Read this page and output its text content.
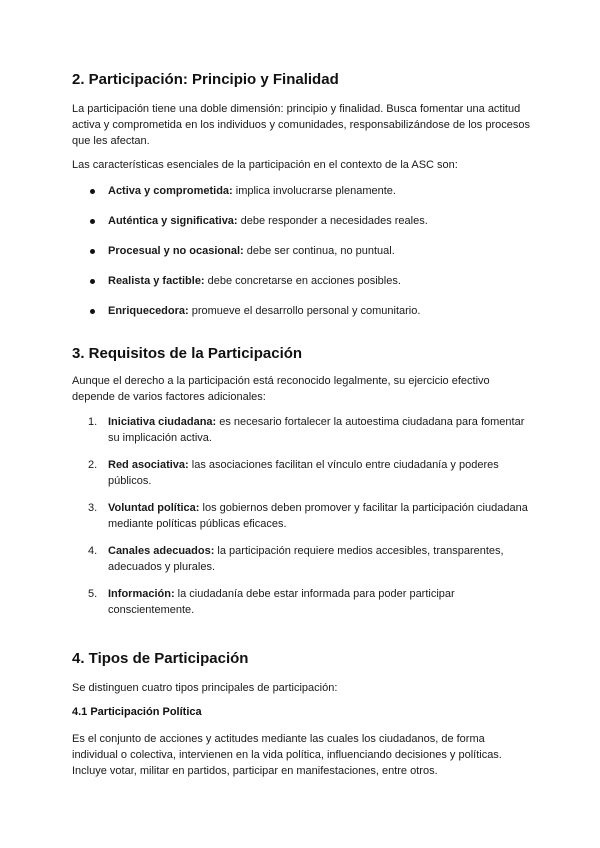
2. Participación: Principio y Finalidad

La participación tiene una doble dimensión: principio y finalidad. Busca fomentar una actitud activa y comprometida en los individuos y comunidades, responsabilizándose de los procesos que les afectan.

Las características esenciales de la participación en el contexto de la ASC son:

Activa y comprometida: implica involucrarse plenamente.
Auténtica y significativa: debe responder a necesidades reales.
Procesual y no ocasional: debe ser continua, no puntual.
Realista y factible: debe concretarse en acciones posibles.
Enriquecedora: promueve el desarrollo personal y comunitario.
3. Requisitos de la Participación

Aunque el derecho a la participación está reconocido legalmente, su ejercicio efectivo depende de varios factores adicionales:

1. Iniciativa ciudadana: es necesario fortalecer la autoestima ciudadana para fomentar su implicación activa.
2. Red asociativa: las asociaciones facilitan el vínculo entre ciudadanía y poderes públicos.
3. Voluntad política: los gobiernos deben promover y facilitar la participación ciudadana mediante políticas públicas eficaces.
4. Canales adecuados: la participación requiere medios accesibles, transparentes, adecuados y plurales.
5. Información: la ciudadanía debe estar informada para poder participar conscientemente.
4. Tipos de Participación

Se distinguen cuatro tipos principales de participación:

4.1 Participación Política

Es el conjunto de acciones y actitudes mediante las cuales los ciudadanos, de forma individual o colectiva, intervienen en la vida política, influenciando decisiones y políticas. Incluye votar, militar en partidos, participar en manifestaciones, entre otros.
